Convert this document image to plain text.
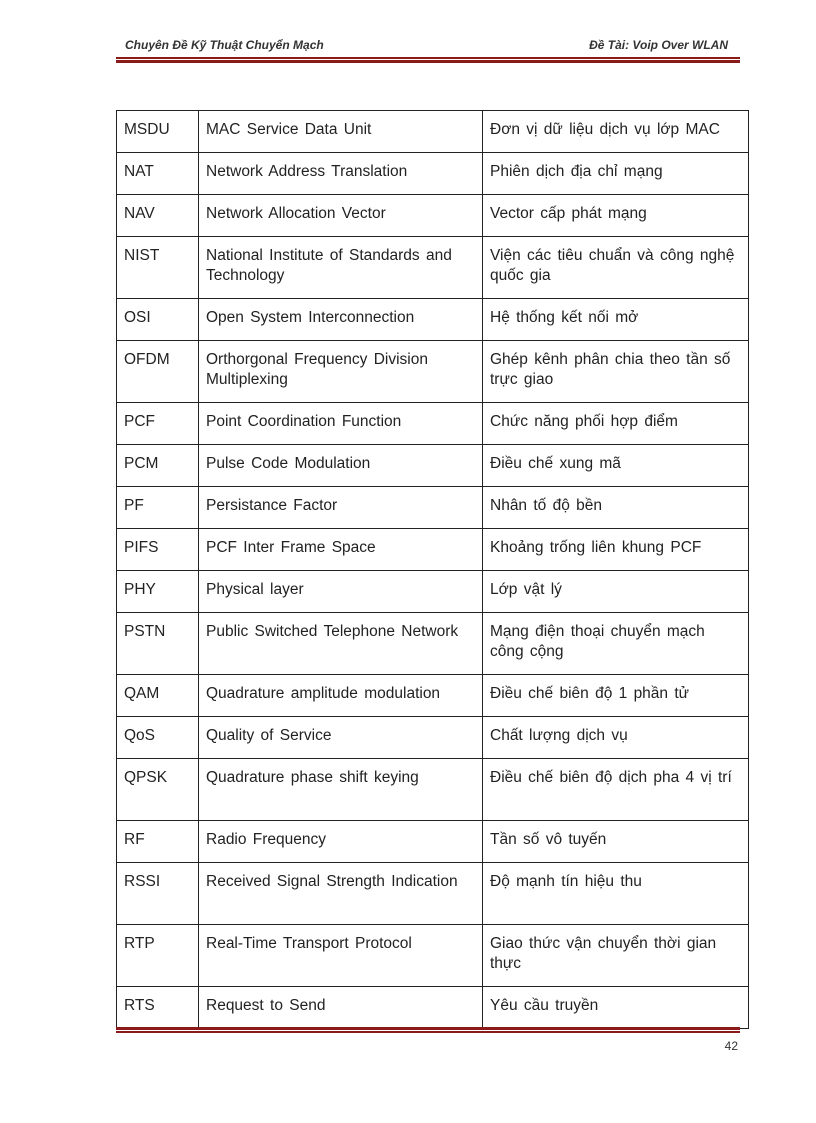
Chuyên Đề Kỹ Thuật Chuyển Mạch	Đề Tài: Voip Over WLAN
MSDU	MAC Service Data Unit	Đơn vị dữ liệu dịch vụ lớp MAC
NAT	Network Address Translation	Phiên dịch địa chỉ mạng
NAV	Network Allocation Vector	Vector cấp phát mạng
NIST	National Institute of Standards and Technology	Viện các tiêu chuẩn và công nghệ quốc gia
OSI	Open System Interconnection	Hệ thống kết nối mở
OFDM	Orthorgonal Frequency Division Multiplexing	Ghép kênh phân chia theo tần số trực giao
PCF	Point Coordination Function	Chức năng phối hợp điểm
PCM	Pulse Code Modulation	Điều chế xung mã
PF	Persistance Factor	Nhân tố độ bền
PIFS	PCF Inter Frame Space	Khoảng trống liên khung PCF
PHY	Physical layer	Lớp vật lý
PSTN	Public Switched Telephone Network	Mạng điện thoại chuyển mạch công cộng
QAM	Quadrature amplitude modulation	Điều chế biên độ 1 phần tử
QoS	Quality of Service	Chất lượng dịch vụ
QPSK	Quadrature phase shift keying	Điều chế biên độ dịch pha 4 vị trí
RF	Radio Frequency	Tần số vô tuyến
RSSI	Received Signal Strength Indication	Độ mạnh tín hiệu thu
RTP	Real-Time Transport Protocol	Giao thức vận chuyển thời gian thực
RTS	Request to Send	Yêu cầu truyền
42
